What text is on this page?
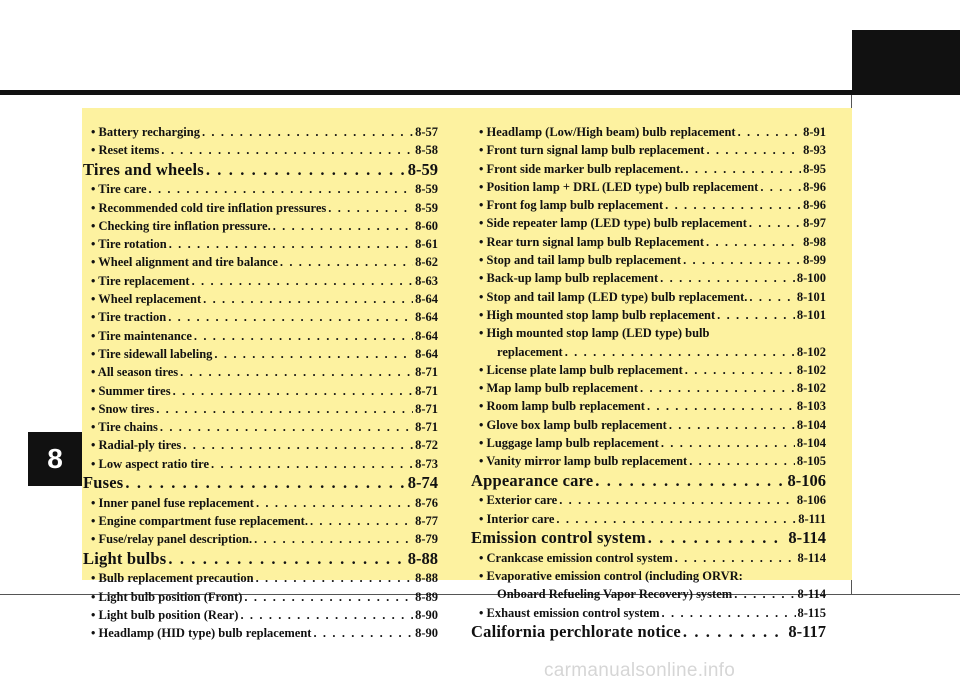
8
• Battery recharging . . .	8-57
• Reset items . . .	8-58
Tires and wheels . . .	8-59
• Tire care . . .	8-59
• Recommended cold tire inflation pressures . . .	8-59
• Checking tire inflation pressure. . . .	8-60
• Tire rotation . . .	8-61
• Wheel alignment and tire balance . . .	8-62
• Tire replacement . . .	8-63
• Wheel replacement . . .	8-64
• Tire traction . . .	8-64
• Tire maintenance . . .	8-64
• Tire sidewall labeling . . .	8-64
• All season tires . . .	8-71
• Summer tires . . .	8-71
• Snow tires . . .	8-71
• Tire chains . . .	8-71
• Radial-ply tires . . .	8-72
• Low aspect ratio tire . . .	8-73
Fuses . . .	8-74
• Inner panel fuse replacement . . .	8-76
• Engine compartment fuse replacement. . . .	8-77
• Fuse/relay panel description. . . .	8-79
Light bulbs . . .	8-88
• Bulb replacement precaution . . .	8-88
• Light bulb position (Front) . . .	8-89
• Light bulb position (Rear) . . .	8-90
• Headlamp (HID type) bulb replacement . . .	8-90
• Headlamp (Low/High beam) bulb replacement . . .	8-91
• Front turn signal lamp bulb replacement . . .	8-93
• Front side marker bulb replacement. . . .	8-95
• Position lamp + DRL (LED type) bulb replacement . . .	8-96
• Front fog lamp bulb replacement . . .	8-96
• Side repeater lamp (LED type) bulb replacement . . .	8-97
• Rear turn signal lamp bulb Replacement . . .	8-98
• Stop and tail lamp bulb replacement . . .	8-99
• Back-up lamp bulb replacement . . .	8-100
• Stop and tail lamp (LED type) bulb replacement. . . .	8-101
• High mounted stop lamp bulb replacement . . .	8-101
• High mounted stop lamp (LED type) bulb
replacement . . .	8-102
• License plate lamp bulb replacement . . .	8-102
• Map lamp bulb replacement . . .	8-102
• Room lamp bulb replacement . . .	8-103
• Glove box lamp bulb replacement . . .	8-104
• Luggage lamp bulb replacement . . .	8-104
• Vanity mirror lamp bulb replacement . . .	8-105
Appearance care . . .	8-106
• Exterior care . . .	8-106
• Interior care . . .	8-111
Emission control system . . .	8-114
• Crankcase emission control system . . .	8-114
• Evaporative emission control (including ORVR:
Onboard Refueling Vapor Recovery) system . . .	8-114
• Exhaust emission control system . . .	8-115
California perchlorate notice . . .	8-117
carmanualsonline.info
